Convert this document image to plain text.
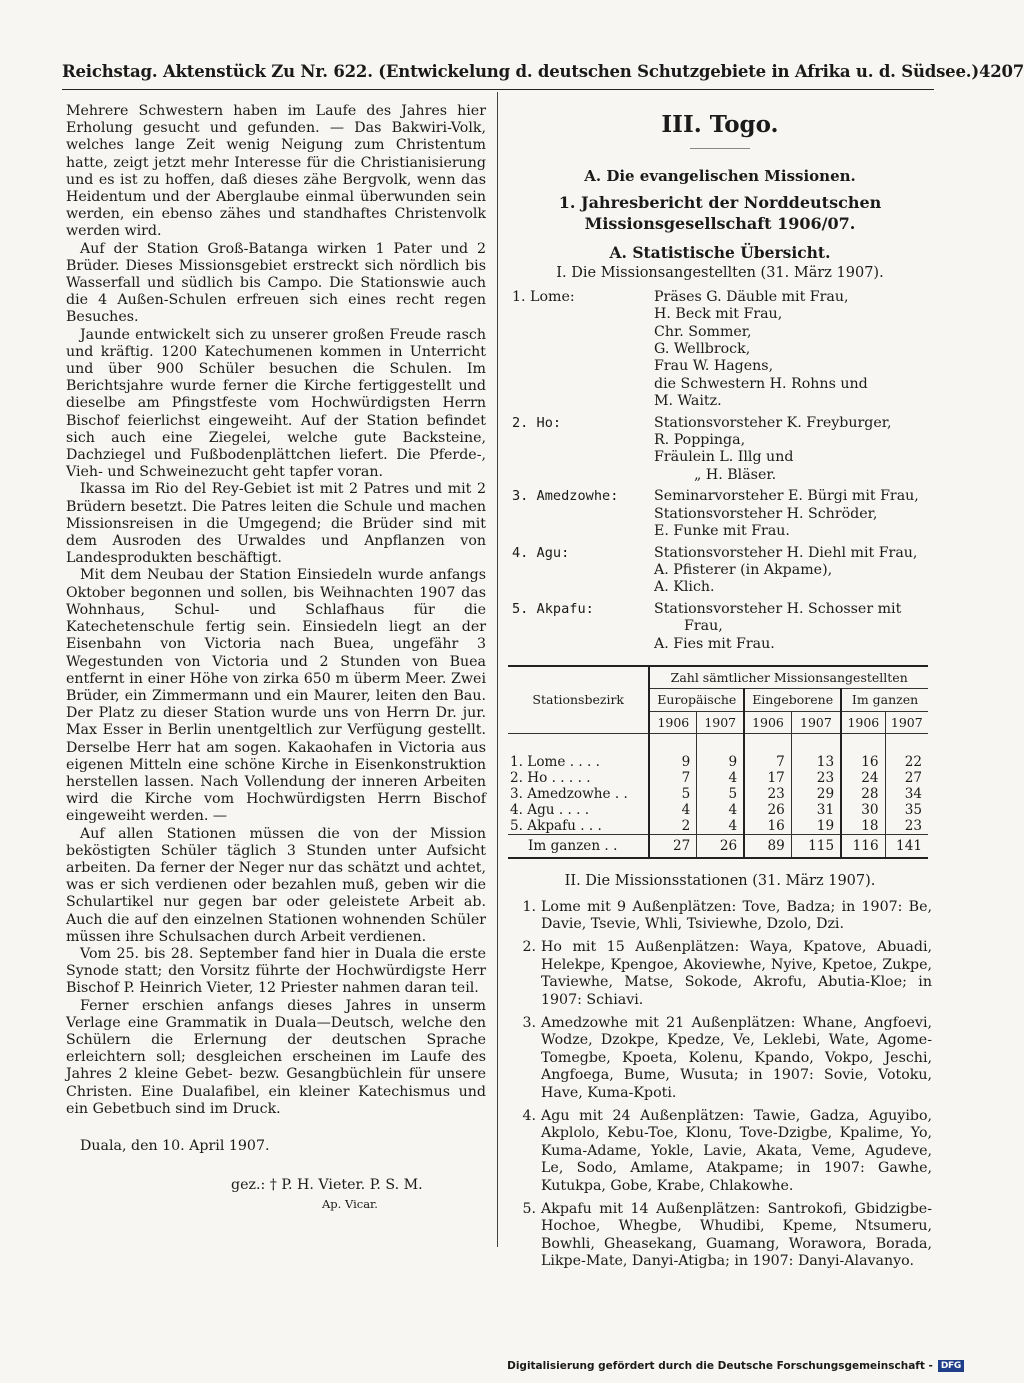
Reichstag. Aktenstück Zu Nr. 622. (Entwickelung d. deutschen Schutzgebiete in Afrika u. d. Südsee.) 4207

Mehrere Schwestern haben im Laufe des Jahres hier Erholung gesucht und gefunden. — Das Bakwiri-Volk, welches lange Zeit wenig Neigung zum Christentum hatte, zeigt jetzt mehr Interesse für die Christianisierung und es ist zu hoffen, daß dieses zähe Bergvolk, wenn das Heidentum und der Aberglaube einmal überwunden sein werden, ein ebenso zähes und standhaftes Christenvolk werden wird.

Auf der Station Groß-Batanga wirken 1 Pater und 2 Brüder. Dieses Missionsgebiet erstreckt sich nördlich bis Wasserfall und südlich bis Campo. Die Stationswie auch die 4 Außen-Schulen erfreuen sich eines recht regen Besuches.

Jaunde entwickelt sich zu unserer großen Freude rasch und kräftig. 1200 Katechumenen kommen in Unterricht und über 900 Schüler besuchen die Schulen. Im Berichtsjahre wurde ferner die Kirche fertiggestellt und dieselbe am Pfingstfeste vom Hochwürdigsten Herrn Bischof feierlichst eingeweiht. Auf der Station befindet sich auch eine Ziegelei, welche gute Backsteine, Dachziegel und Fußbodenplättchen liefert. Die Pferde-, Vieh- und Schweinezucht geht tapfer voran.

Ikassa im Rio del Rey-Gebiet ist mit 2 Patres und mit 2 Brüdern besetzt. Die Patres leiten die Schule und machen Missionsreisen in die Umgegend; die Brüder sind mit dem Ausroden des Urwaldes und Anpflanzen von Landesprodukten beschäftigt.

Mit dem Neubau der Station Einsiedeln wurde anfangs Oktober begonnen und sollen, bis Weihnachten 1907 das Wohnhaus, Schul- und Schlafhaus für die Katechetenschule fertig sein. Einsiedeln liegt an der Eisenbahn von Victoria nach Buea, ungefähr 3 Wegestunden von Victoria und 2 Stunden von Buea entfernt in einer Höhe von zirka 650 m überm Meer. Zwei Brüder, ein Zimmermann und ein Maurer, leiten den Bau. Der Platz zu dieser Station wurde uns von Herrn Dr. jur. Max Esser in Berlin unentgeltlich zur Verfügung gestellt. Derselbe Herr hat am sogen. Kakaohafen in Victoria aus eigenen Mitteln eine schöne Kirche in Eisenkonstruktion herstellen lassen. Nach Vollendung der inneren Arbeiten wird die Kirche vom Hochwürdigsten Herrn Bischof eingeweiht werden. —

Auf allen Stationen müssen die von der Mission beköstigten Schüler täglich 3 Stunden unter Aufsicht arbeiten. Da ferner der Neger nur das schätzt und achtet, was er sich verdienen oder bezahlen muß, geben wir die Schulartikel nur gegen bar oder geleistete Arbeit ab. Auch die auf den einzelnen Stationen wohnenden Schüler müssen ihre Schulsachen durch Arbeit verdienen.

Vom 25. bis 28. September fand hier in Duala die erste Synode statt; den Vorsitz führte der Hochwürdigste Herr Bischof P. Heinrich Vieter, 12 Priester nahmen daran teil.

Ferner erschien anfangs dieses Jahres in unserm Verlage eine Grammatik in Duala—Deutsch, welche den Schülern die Erlernung der deutschen Sprache erleichtern soll; desgleichen erscheinen im Laufe des Jahres 2 kleine Gebet- bezw. Gesangbüchlein für unsere Christen. Eine Dualafibel, ein kleiner Katechismus und ein Gebetbuch sind im Druck.

Duala, den 10. April 1907.

gez.: † P. H. Vieter. P. S. M.

Ap. Vicar.

III. Togo.
A. Die evangelischen Missionen.
1. Jahresbericht der Norddeutschen Missionsgesellschaft 1906/07.
A. Statistische Übersicht.
I. Die Missionsangestellten (31. März 1907).
1. Lome:	Präses G. Däuble mit Frau,
H. Beck mit Frau,
Chr. Sommer,
G. Wellbrock,
Frau W. Hagens,
die Schwestern H. Rohns und
M. Waitz.
2. Ho:	Stationsvorsteher K. Freyburger,
R. Poppinga,
Fräulein L. Illg und
„ H. Bläser.
3. Amedzowhe:	Seminarvorsteher E. Bürgi mit Frau,
Stationsvorsteher H. Schröder,
E. Funke mit Frau.
4. Agu:	Stationsvorsteher H. Diehl mit Frau,
A. Pfisterer (in Akpame),
A. Klich.
5. Akpafu:	Stationsvorsteher H. Schosser mit
Frau,
A. Fies mit Frau.
Stationsbezirk	Zahl sämtlicher Missionsangestellten					
	Europäische		Eingeborene		Im ganzen	
	1906	1907	1906	1907	1906	1907
1. Lome . . . .	9	9	7	13	16	22
2. Ho . . . . .	7	4	17	23	24	27
3. Amedzowhe . .	5	5	23	29	28	34
4. Agu . . . .	4	4	26	31	30	35
5. Akpafu . . .	2	4	16	19	18	23
Im ganzen . .	27	26	89	115	116	141
II. Die Missionsstationen (31. März 1907).
1. Lome mit 9 Außenplätzen: Tove, Badza; in 1907: Be, Davie, Tsevie, Whli, Tsiviewhe, Dzolo, Dzi.
2. Ho mit 15 Außenplätzen: Waya, Kpatove, Abuadi, Helekpe, Kpengoe, Akoviewhe, Nyive, Kpetoe, Zukpe, Taviewhe, Matse, Sokode, Akrofu, Abutia-Kloe; in 1907: Schiavi.
3. Amedzowhe mit 21 Außenplätzen: Whane, Angfoevi, Wodze, Dzokpe, Kpedze, Ve, Leklebi, Wate, Agome-Tomegbe, Kpoeta, Kolenu, Kpando, Vokpo, Jeschi, Angfoega, Bume, Wusuta; in 1907: Sovie, Votoku, Have, Kuma-Kpoti.
4. Agu mit 24 Außenplätzen: Tawie, Gadza, Aguyibo, Akplolo, Kebu-Toe, Klonu, Tove-Dzigbe, Kpalime, Yo, Kuma-Adame, Yokle, Lavie, Akata, Veme, Agudeve, Le, Sodo, Amlame, Atakpame; in 1907: Gawhe, Kutukpa, Gobe, Krabe, Chlakowhe.
5. Akpafu mit 14 Außenplätzen: Santrokofi, Gbidzigbe-Hochoe, Whegbe, Whudibi, Kpeme, Ntsumeru, Bowhli, Gheasekang, Guamang, Worawora, Borada, Likpe-Mate, Danyi-Atigba; in 1907: Danyi-Alavanyo.
Digitalisierung gefördert durch die Deutsche Forschungsgemeinschaft - DFG
